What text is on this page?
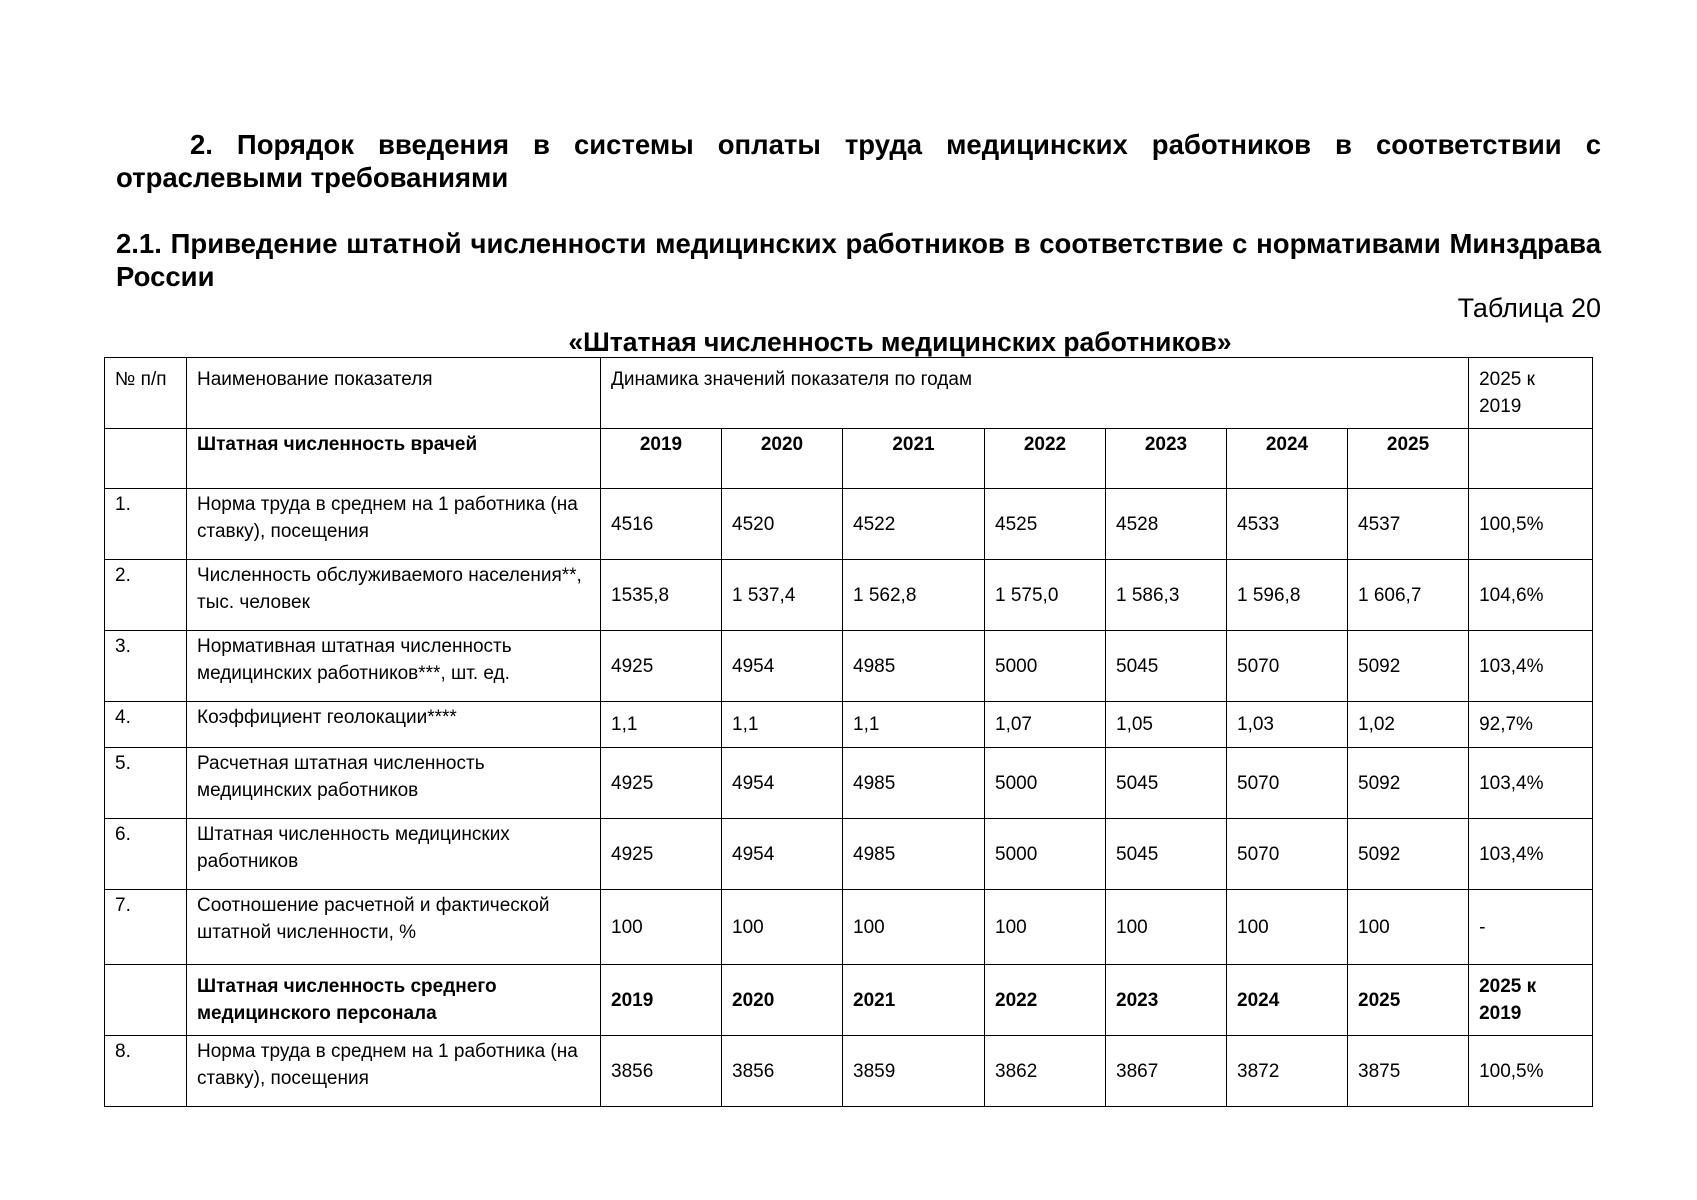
2. Порядок введения в системы оплаты труда медицинских работников в соответствии с отраслевыми требованиями
2.1. Приведение штатной численности медицинских работников в соответствие с нормативами Минздрава России
Таблица 20
«Штатная численность медицинских работников»
№ п/п	Наименование показателя	Динамика значений показателя по годам							2025 к 2019
	Штатная численность врачей	2019	2020	2021	2022	2023	2024	2025	
1.	Норма труда в среднем на 1 работника (на ставку), посещения	4516	4520	4522	4525	4528	4533	4537	100,5%
2.	Численность обслуживаемого населения**, тыс. человек	1535,8	1 537,4	1 562,8	1 575,0	1 586,3	1 596,8	1 606,7	104,6%
3.	Нормативная штатная численность медицинских работников***, шт. ед.	4925	4954	4985	5000	5045	5070	5092	103,4%
4.	Коэффициент геолокации****	1,1	1,1	1,1	1,07	1,05	1,03	1,02	92,7%
5.	Расчетная штатная численность медицинских работников	4925	4954	4985	5000	5045	5070	5092	103,4%
6.	Штатная численность медицинских работников	4925	4954	4985	5000	5045	5070	5092	103,4%
7.	Соотношение расчетной и фактической штатной численности, %	100	100	100	100	100	100	100	-
	Штатная численность среднего медицинского персонала	2019	2020	2021	2022	2023	2024	2025	2025 к 2019
8.	Норма труда в среднем на 1 работника (на ставку), посещения	3856	3856	3859	3862	3867	3872	3875	100,5%
